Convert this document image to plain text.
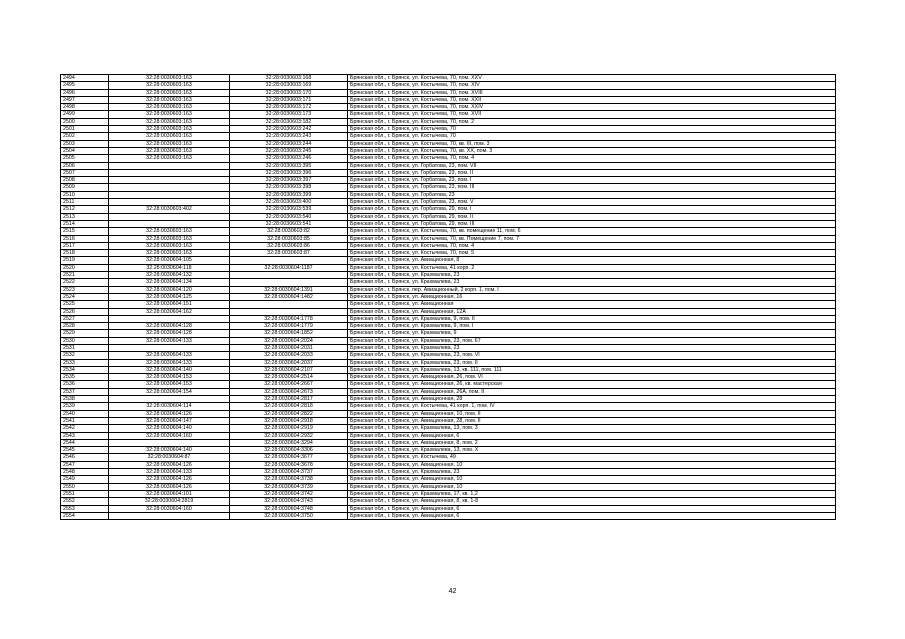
2494	32:28:0030603:163	32:28:0030603:168	Брянская обл., г. Брянск, ул. Костычева, 70, пом. XXV
2495	32:28:0030603:163	32:28:0030603:169	Брянская обл., г. Брянск, ул. Костычева, 70, пом. XIV
2496	32:28:0030603:163	32:28:0030603:170	Брянская обл., г. Брянск, ул. Костычева, 70, пом. XVIII
2497	32:28:0030603:163	32:28:0030603:171	Брянская обл., г. Брянск, ул. Костычева, 70, пом. XXII
2498	32:28:0030603:163	32:28:0030603:172	Брянская обл., г. Брянск, ул. Костычева, 70, пом. XXIV
2499	32:28:0030603:163	32:28:0030603:173	Брянская обл., г. Брянск, ул. Костычева, 70, пом. XVII
2500	32:28:0030603:163	32:28:0030603:182	Брянская обл., г. Брянск, ул. Костычева, 70, пом. 2
2501	32:28:0030603:163	32:28:0030603:242	Брянская обл., г. Брянск, ул. Костычева, 70
2502	32:28:0030603:163	32:28:0030603:243	Брянская обл., г. Брянск, ул. Костычева, 70
2503	32:28:0030603:163	32:28:0030603:244	Брянская обл., г. Брянск, ул. Костычева, 70, кв. III, пом. 3
2504	32:28:0030603:163	32:28:0030603:245	Брянская обл., г. Брянск, ул. Костычева, 70, кв. XX, пом. 3
2505	32:28:0030603:163	32:28:0030603:246	Брянская обл., г. Брянск, ул. Костычева, 70, пом. 4
2506		32:28:0030603:395	Брянская обл., г. Брянск, ул. Горбатова, 23, пом. VII
2507		32:28:0030603:396	Брянская обл., г. Брянск, ул. Горбатова, 23, пом. II
2508		32:28:0030603:397	Брянская обл., г. Брянск, ул. Горбатова, 23, пом. I
2509		32:28:0030603:398	Брянская обл., г. Брянск, ул. Горбатова, 23, пом. III
2510		32:28:0030603:399	Брянская обл., г. Брянск, ул. Горбатова, 23
2511		32:28:0030603:400	Брянская обл., г. Брянск, ул. Горбатова, 23, пом. V
2512	32:28:0030603:402	32:28:0030603:539	Брянская обл., г. Брянск, ул. Горбатова, 29, пом. I
2513		32:28:0030603:540	Брянская обл., г. Брянск, ул. Горбатова, 29, пом. II
2514		32:28:0030603:541	Брянская обл., г. Брянск, ул. Горбатова, 29, пом. III
2515	32:28:0030603:163	32:28:0030603:82	Брянская обл., г. Брянск, ул. Костычева, 70, кв. помещение 11, пом. 6
2516	32:28:0030603:163	32:28:0030603:85	Брянская обл., г. Брянск, ул. Костычева, 70, кв. Помещение 7, пом. 7
2517	32:28:0030603:163	32:28:0030603:86	Брянская обл., г. Брянск, ул. Костычева, 70, пом. 4
2518	32:28:0030603:163	32:28:0030603:87	Брянская обл., г. Брянск, ул. Костычева, 70, пом. 5
2519	32:28:0030604:105		Брянская обл., г. Брянск, ул. Авиационная, 8
2520	32:28:0030604:118	32:28:0030604:1187	Брянская обл., г. Брянск, ул. Костычева, 41 корп. 2
2521	32:28:0030604:132		Брянская обл., г. Брянск, ул. Крахмалева, 23
2522	32:28:0030604:134		Брянская обл., г. Брянск, ул. Крахмалева, 23
2523	32:28:0030604:120	32:28:0030604:1391	Брянская обл., г. Брянск, пер. Авиационный, 2 корп. 1, пом. I
2524	32:28:0030604:125	32:28:0030604:1482	Брянская обл., г. Брянск, ул. Авиационная, 16
2525	32:28:0030604:151		Брянская обл., г. Брянск, ул. Авиационная
2526	32:28:0030604:162		Брянская обл., г. Брянск, ул. Авиационная, 12А
2527		32:28:0030604:1778	Брянская обл., г. Брянск, ул. Крахмалева, 9, пом. II
2528	32:28:0030604:128	32:28:0030604:1779	Брянская обл., г. Брянск, ул. Крахмалева, 9, пом. I
2529	32:28:0030604:128	32:28:0030604:1852	Брянская обл., г. Брянск, ул. Крахмалева, 9
2530	32:28:0030604:133	32:28:0030604:2024	Брянская обл., г. Брянск, ул. Крахмалева, 23, пом. 67
2531		32:28:0030604:2031	Брянская обл., г. Брянск, ул. Крахмалева, 23
2532	32:28:0030604:133	32:28:0030604:2033	Брянская обл., г. Брянск, ул. Крахмалева, 23, пом. VI
2533	32:28:0030604:133	32:28:0030604:2037	Брянская обл., г. Брянск, ул. Крахмалева, 23, пом. II
2534	32:28:0030604:140	32:28:0030604:2107	Брянская обл., г. Брянск, ул. Крахмалева, 13, кв. 111, пом. 111
2535	32:28:0030604:153	32:28:0030604:2514	Брянская обл., г. Брянск, ул. Авиационная, 26, пом. VI
2536	32:28:0030604:153	32:28:0030604:2667	Брянская обл., г. Брянск, ул. Авиационная, 26, кв. мастерская
2537	32:28:0030604:154	32:28:0030604:2673	Брянская обл., г. Брянск, ул. Авиационная, 26А, пом. II
2538		32:28:0030604:2817	Брянская обл., г. Брянск, ул. Авиационная, 28
2539	32:28:0030604:114	32:28:0030604:2818	Брянская обл., г. Брянск, ул. Костычева, 41 корп. 1, пом. IV
2540	32:28:0030604:126	32:28:0030604:2822	Брянская обл., г. Брянск, ул. Авиационная, 10, пом. II
2541	32:28:0030604:147	32:28:0030604:2918	Брянская обл., г. Брянск, ул. Авиационная, 28, пом. II
2542	32:28:0030604:140	32:28:0030604:2919	Брянская обл., г. Брянск, ул. Крахмалева, 13, пом. 3
2543	32:28:0030604:160	32:28:0030604:2932	Брянская обл., г. Брянск, ул. Авиационная, 6
2544		32:28:0030604:3294	Брянская обл., г. Брянск, ул. Авиационная, 8, пом. 2
2545	32:28:0030604:140	32:28:0030604:3306	Брянская обл., г. Брянск, ул. Крахмалева, 13, пом. X
2546	32:28:0030604:87	32:28:0030604:3677	Брянская обл., г. Брянск, ул. Костычева, 49
2547	32:28:0030604:126	32:28:0030604:3678	Брянская обл., г. Брянск, ул. Авиационная, 10
2548	32:28:0030604:133	32:28:0030604:3737	Брянская обл., г. Брянск, ул. Крахмалева, 23
2549	32:28:0030604:126	32:28:0030604:3738	Брянская обл., г. Брянск, ул. Авиационная, 10
2550	32:28:0030604:126	32:28:0030604:3739	Брянская обл., г. Брянск, ул. Авиационная, 10
2551	32:28:0030604:101	32:28:0030604:3742	Брянская обл., г. Брянск, ул. Крахмалева, 17, кв. 1,2
2552	32:28:0030604:2819	32:28:0030604:3743	Брянская обл., г. Брянск, ул. Авиационная, 8, кв. 1-8
2553	32:28:0030604:160	32:28:0030604:3748	Брянская обл., г. Брянск, ул. Авиационная, 6
2554		32:28:0030604:3750	Брянская обл., г. Брянск, ул. Авиационная, 6
42
